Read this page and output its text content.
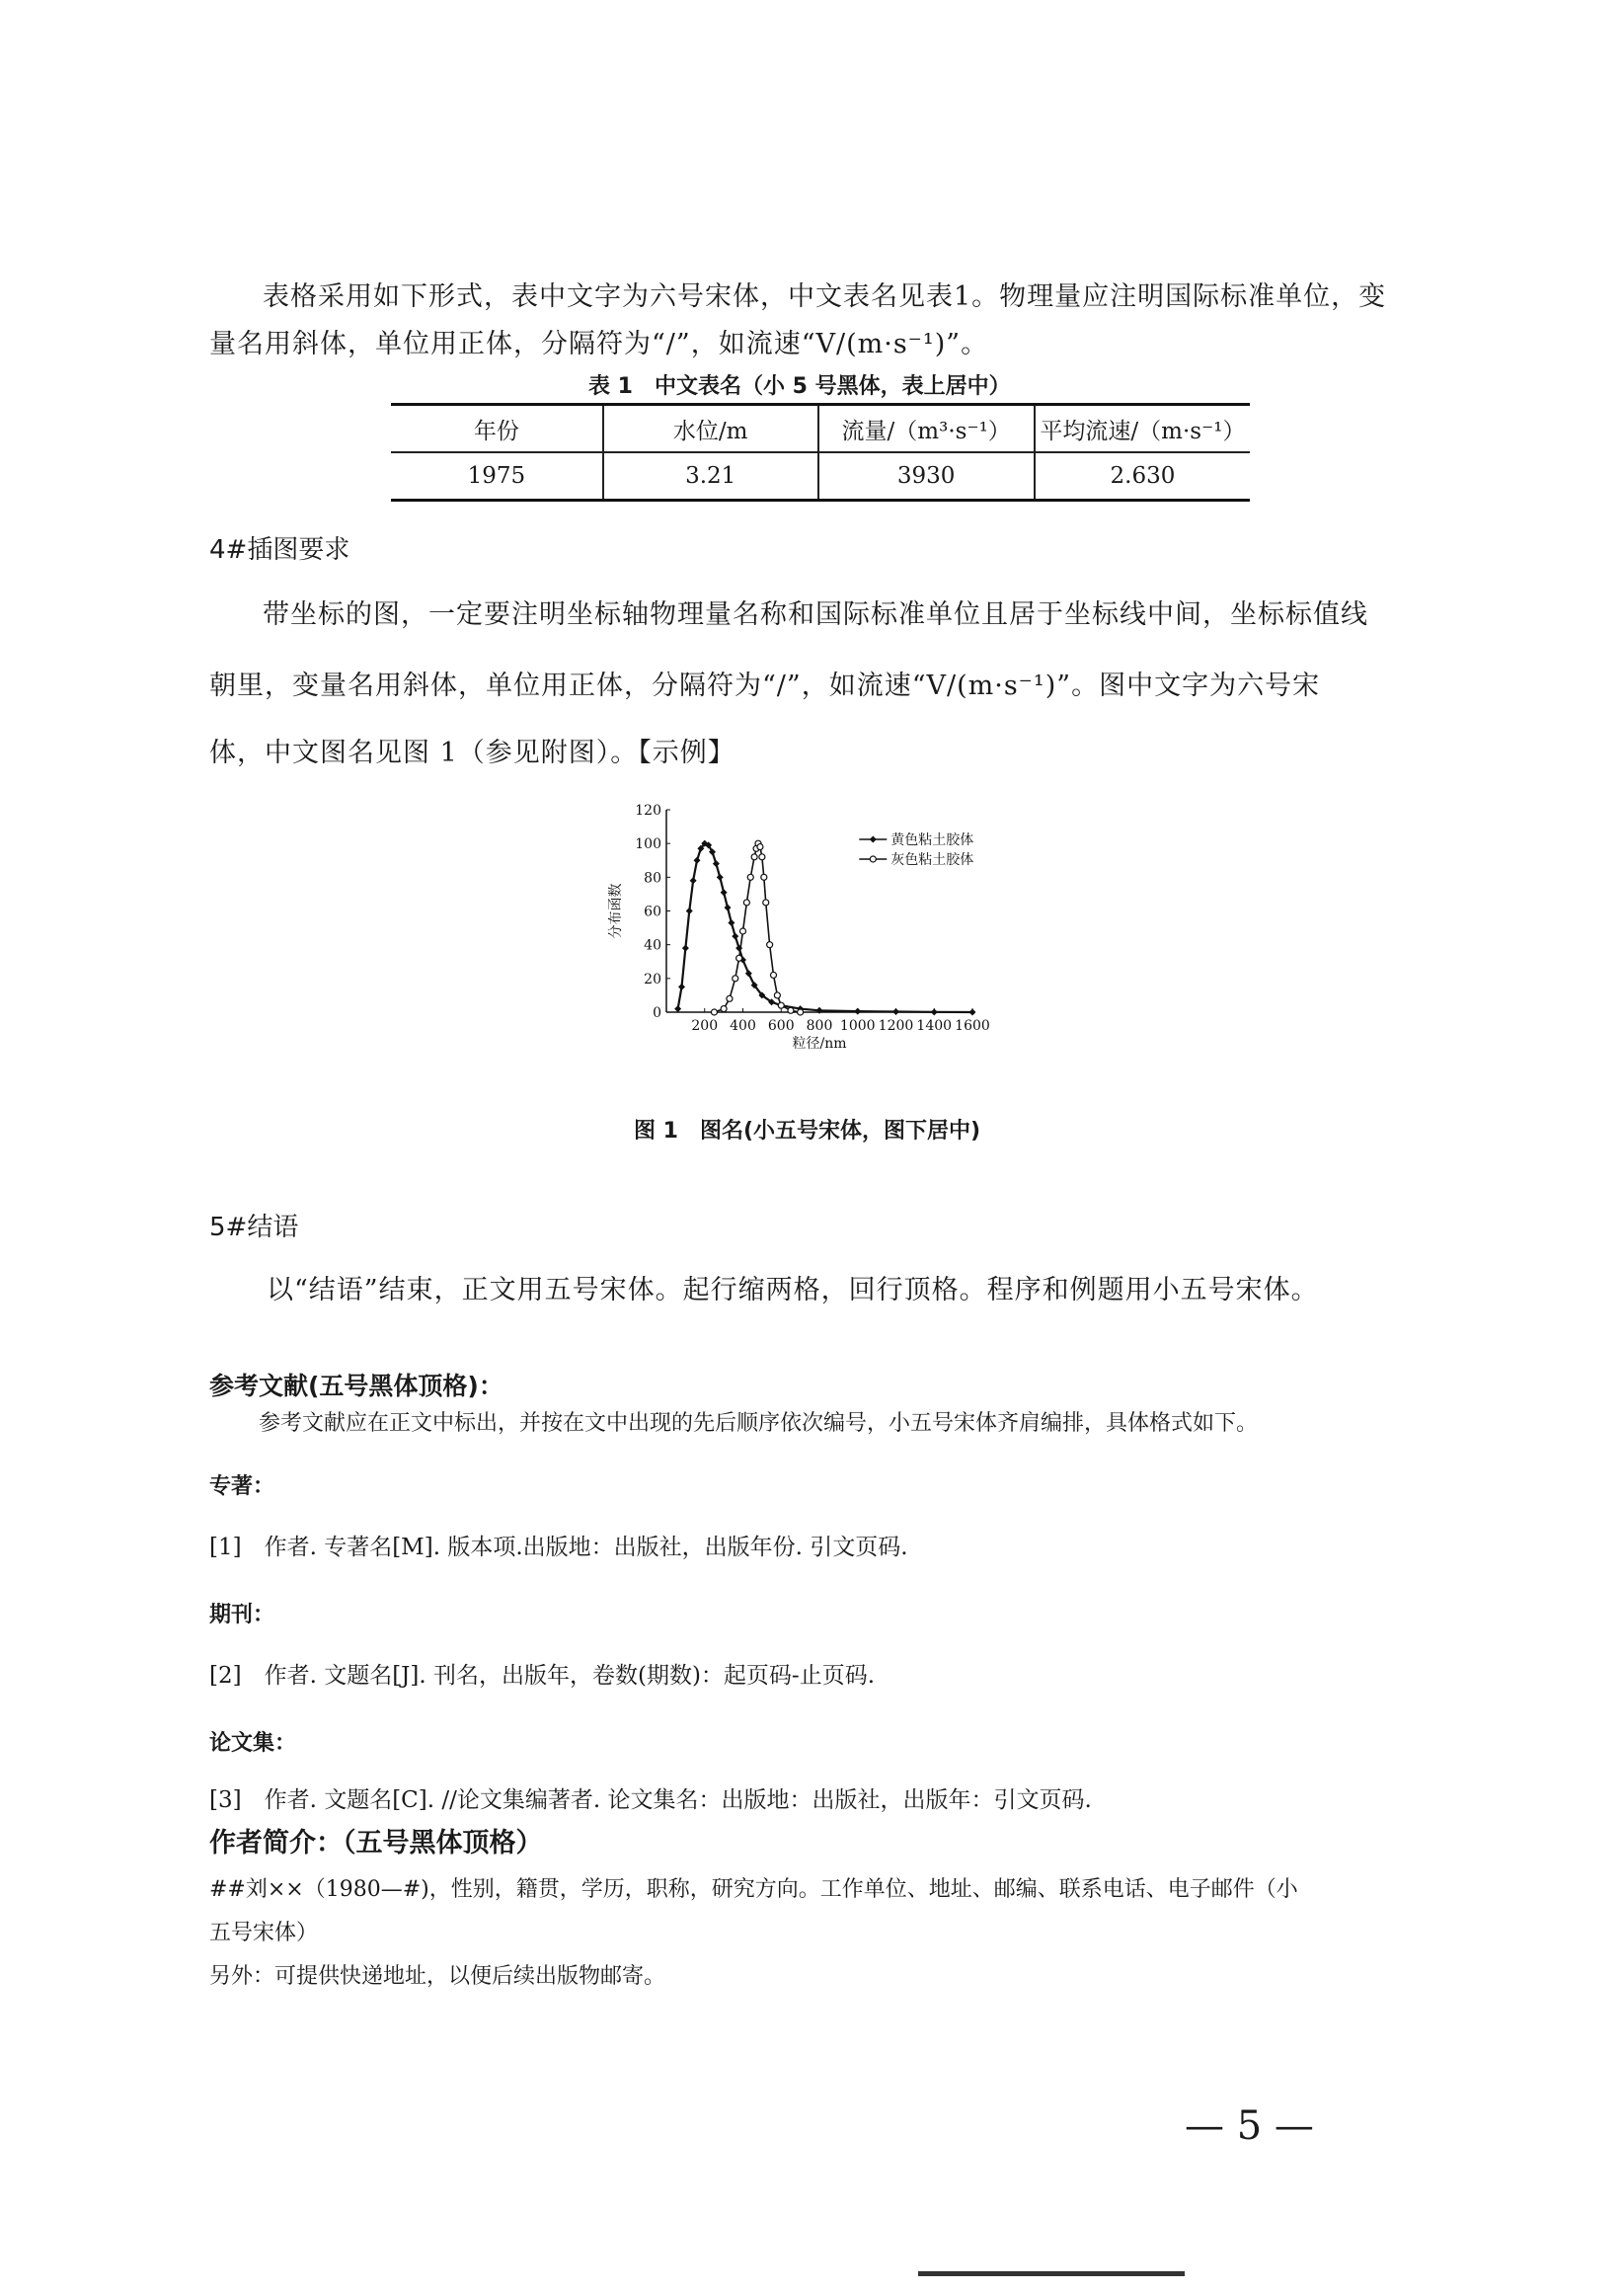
表格采用如下形式，表中文字为六号宋体，中文表名见表1。物理量应注明国际标准单位，变
量名用斜体，单位用正体，分隔符为“/”，如流速“V/(m·s⁻¹)”。
表 1　中文表名（小 5 号黑体，表上居中）
年份	水位/m	流量/（m³·s⁻¹）	平均流速/（m·s⁻¹）
1975	3.21	3930	2.630
4#插图要求
带坐标的图，一定要注明坐标轴物理量名称和国际标准单位且居于坐标线中间，坐标标值线
朝里，变量名用斜体，单位用正体，分隔符为“/”，如流速“V/(m·s⁻¹)”。图中文字为六号宋
体，中文图名见图 1（参见附图）。【示例】
0
20
40
60
80
100
120
200 400 600 800 1000 1200 1400 1600
粒径/nm
分布函数
黄色粘土胶体
灰色粘土胶体
图 1　图名(小五号宋体，图下居中)
5#结语
以“结语”结束，正文用五号宋体。起行缩两格，回行顶格。程序和例题用小五号宋体。
参考文献(五号黑体顶格)：
参考文献应在正文中标出，并按在文中出现的先后顺序依次编号，小五号宋体齐肩编排，具体格式如下。
专著：
[1]　作者. 专著名[M]. 版本项.出版地：出版社，出版年份. 引文页码.
期刊：
[2]　作者. 文题名[J]. 刊名，出版年，卷数(期数)：起页码-止页码.
论文集：
[3]　作者. 文题名[C]. //论文集编著者. 论文集名：出版地：出版社，出版年：引文页码.
作者简介：（五号黑体顶格）
##刘××（1980—#)，性别，籍贯，学历，职称，研究方向。工作单位、地址、邮编、联系电话、电子邮件（小
五号宋体）
另外：可提供快递地址，以便后续出版物邮寄。
— 5 —
